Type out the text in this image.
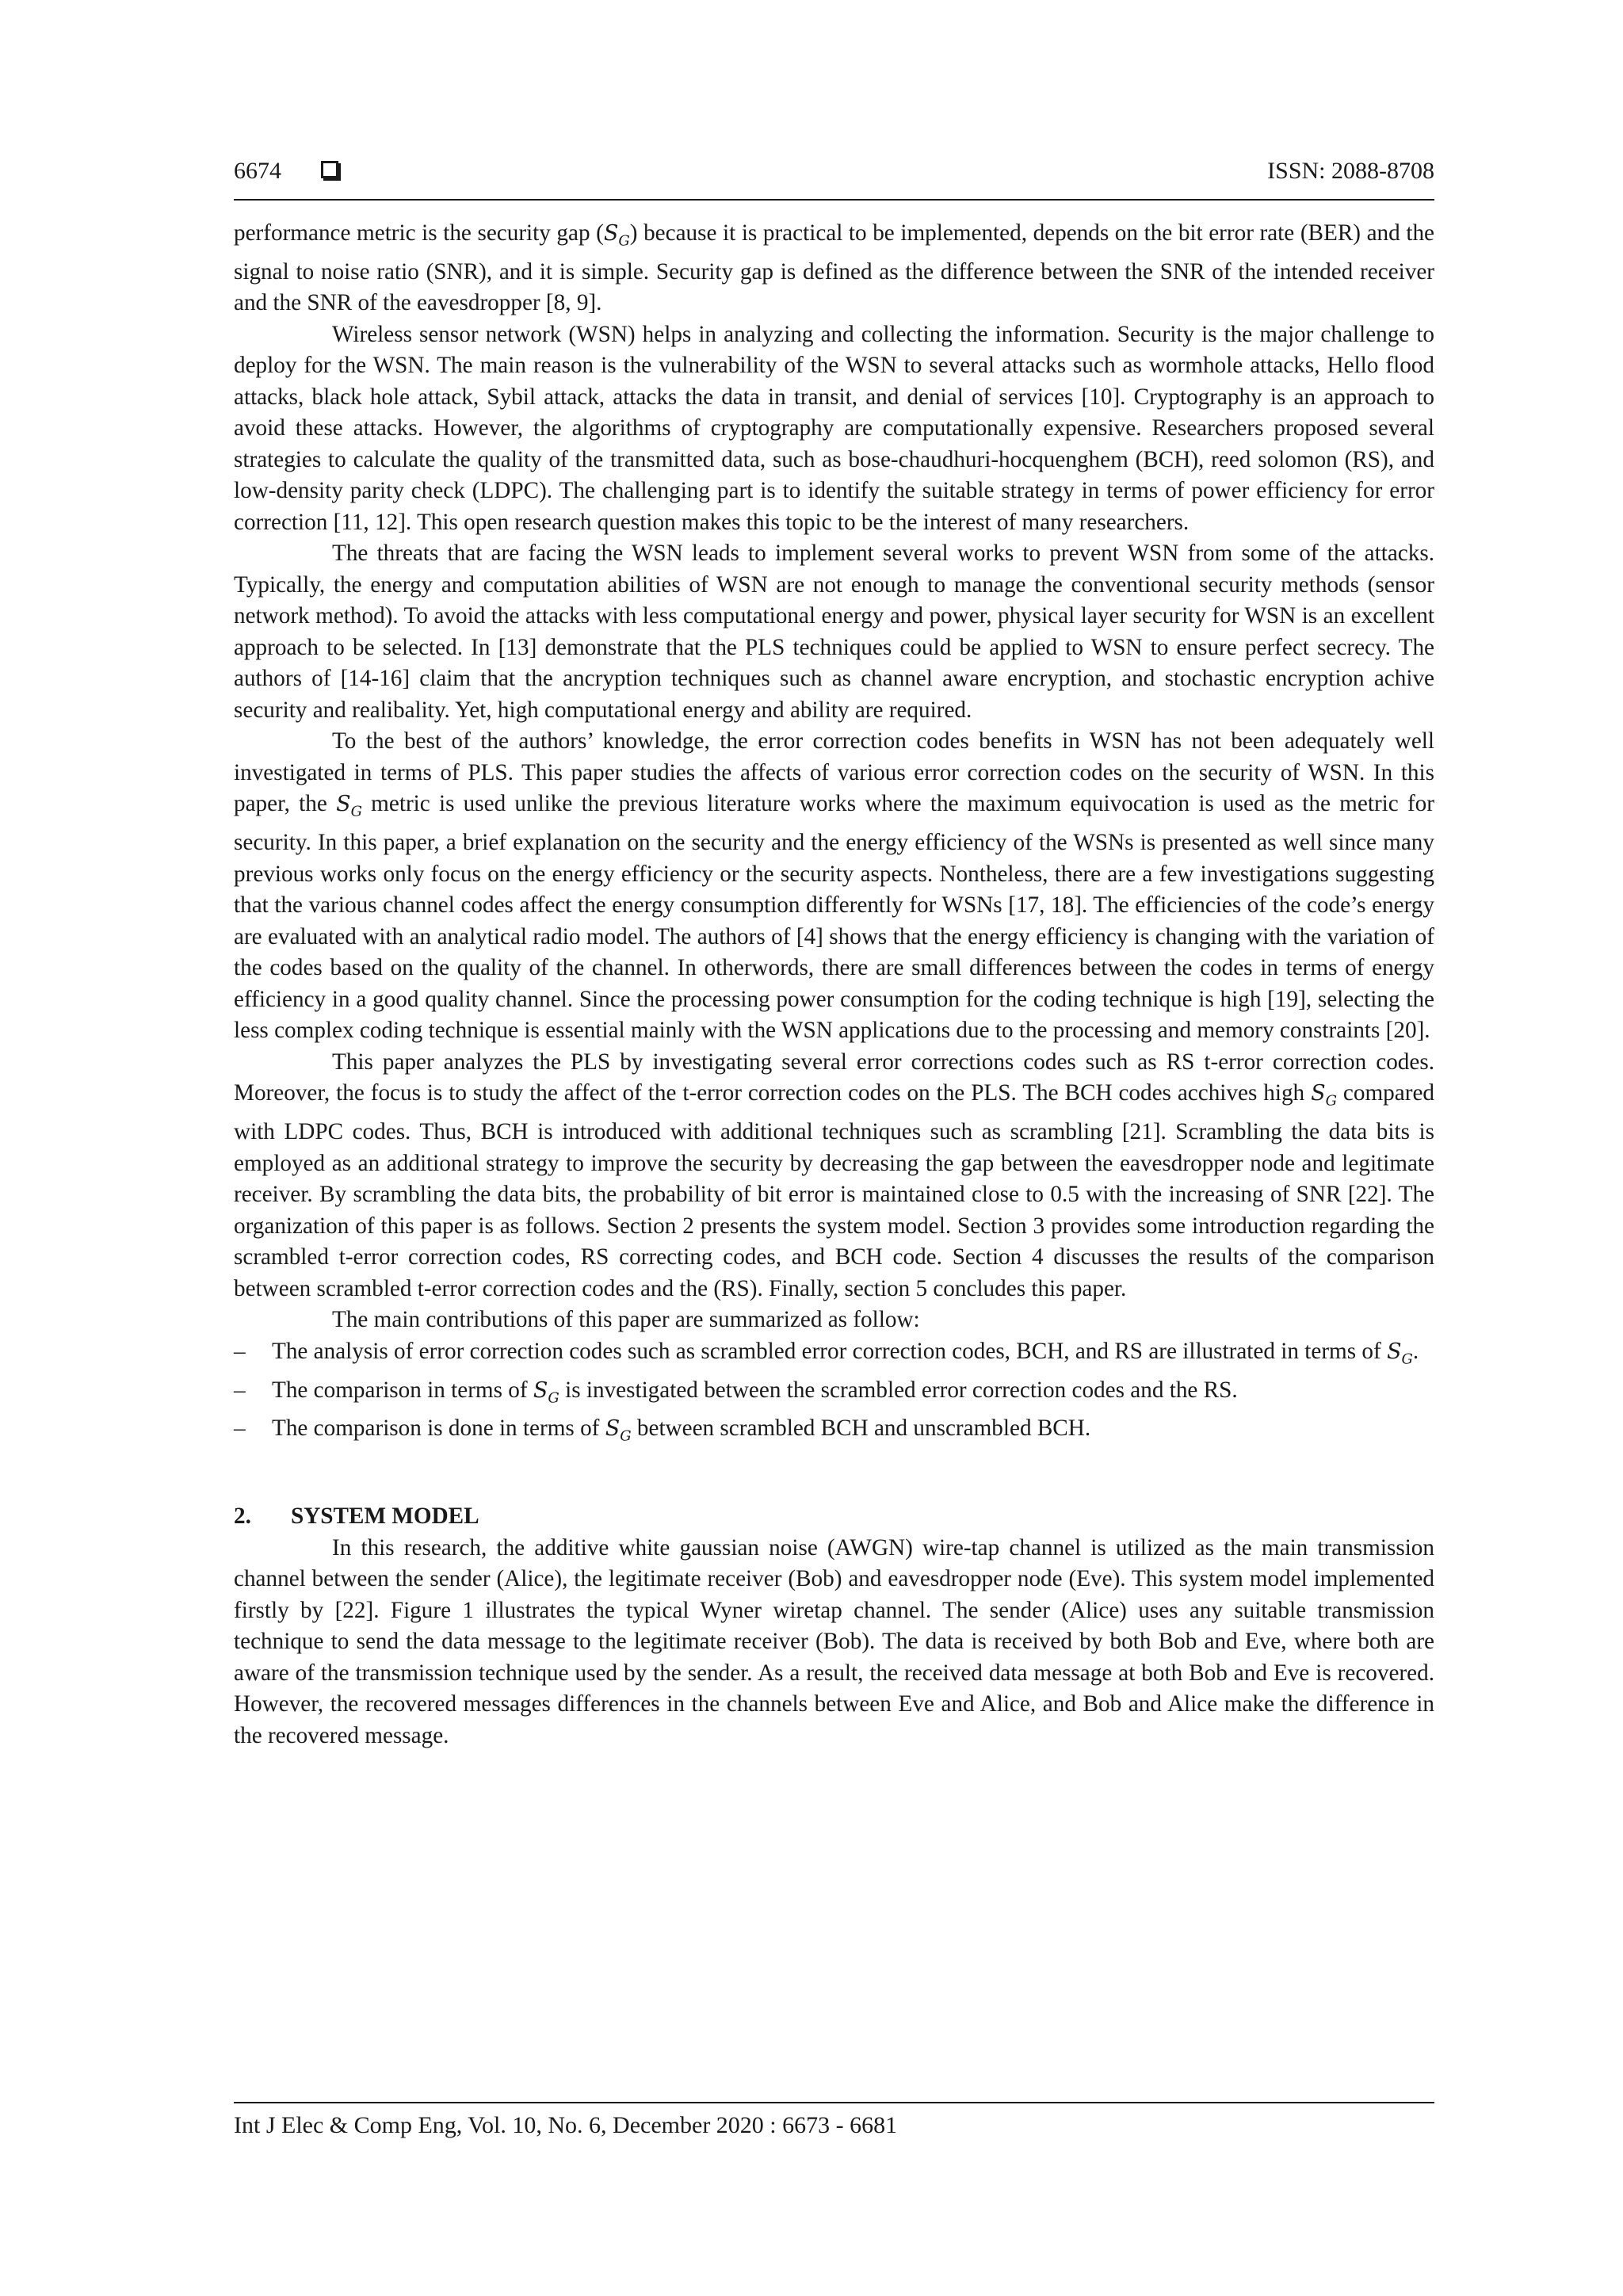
6674	ISSN: 2088-8708

performance metric is the security gap $(S_G)$ because it is practical to be implemented, depends on the bit error rate (BER) and the signal to noise ratio (SNR), and it is simple. Security gap is defined as the difference between the SNR of the intended receiver and the SNR of the eavesdropper [8, 9].

Wireless sensor network (WSN) helps in analyzing and collecting the information. Security is the major challenge to deploy for the WSN. The main reason is the vulnerability of the WSN to several attacks such as wormhole attacks, Hello flood attacks, black hole attack, Sybil attack, attacks the data in transit, and denial of services [10]. Cryptography is an approach to avoid these attacks. However, the algorithms of cryptography are computationally expensive. Researchers proposed several strategies to calculate the quality of the transmitted data, such as bose-chaudhuri-hocquenghem (BCH), reed solomon (RS), and low-density parity check (LDPC). The challenging part is to identify the suitable strategy in terms of power efficiency for error correction [11, 12]. This open research question makes this topic to be the interest of many researchers.

The threats that are facing the WSN leads to implement several works to prevent WSN from some of the attacks. Typically, the energy and computation abilities of WSN are not enough to manage the conventional security methods (sensor network method). To avoid the attacks with less computational energy and power, physical layer security for WSN is an excellent approach to be selected. In [13] demonstrate that the PLS techniques could be applied to WSN to ensure perfect secrecy. The authors of [14-16] claim that the ancryption techniques such as channel aware encryption, and stochastic encryption achive security and realibality. Yet, high computational energy and ability are required.

To the best of the authors’ knowledge, the error correction codes benefits in WSN has not been adequately well investigated in terms of PLS. This paper studies the affects of various error correction codes on the security of WSN. In this paper, the $S_G$ metric is used unlike the previous literature works where the maximum equivocation is used as the metric for security. In this paper, a brief explanation on the security and the energy efficiency of the WSNs is presented as well since many previous works only focus on the energy efficiency or the security aspects. Nontheless, there are a few investigations suggesting that the various channel codes affect the energy consumption differently for WSNs [17, 18]. The efficiencies of the code’s energy are evaluated with an analytical radio model. The authors of [4] shows that the energy efficiency is changing with the variation of the codes based on the quality of the channel. In otherwords, there are small differences between the codes in terms of energy efficiency in a good quality channel. Since the processing power consumption for the coding technique is high [19], selecting the less complex coding technique is essential mainly with the WSN applications due to the processing and memory constraints [20].

This paper analyzes the PLS by investigating several error corrections codes such as RS t-error correction codes. Moreover, the focus is to study the affect of the t-error correction codes on the PLS. The BCH codes acchives high $S_G$ compared with LDPC codes. Thus, BCH is introduced with additional techniques such as scrambling [21]. Scrambling the data bits is employed as an additional strategy to improve the security by decreasing the gap between the eavesdropper node and legitimate receiver. By scrambling the data bits, the probability of bit error is maintained close to 0.5 with the increasing of SNR [22]. The organization of this paper is as follows. Section 2 presents the system model. Section 3 provides some introduction regarding the scrambled t-error correction codes, RS correcting codes, and BCH code. Section 4 discusses the results of the comparison between scrambled t-error correction codes and the (RS). Finally, section 5 concludes this paper.

The main contributions of this paper are summarized as follow:

– The analysis of error correction codes such as scrambled error correction codes, BCH, and RS are illustrated in terms of $S_G$.
– The comparison in terms of $S_G$ is investigated between the scrambled error correction codes and the RS.
– The comparison is done in terms of $S_G$ between scrambled BCH and unscrambled BCH.

2. SYSTEM MODEL

In this research, the additive white gaussian noise (AWGN) wire-tap channel is utilized as the main transmission channel between the sender (Alice), the legitimate receiver (Bob) and eavesdropper node (Eve). This system model implemented firstly by [22]. Figure 1 illustrates the typical Wyner wiretap channel. The sender (Alice) uses any suitable transmission technique to send the data message to the legitimate receiver (Bob). The data is received by both Bob and Eve, where both are aware of the transmission technique used by the sender. As a result, the received data message at both Bob and Eve is recovered. However, the recovered messages differences in the channels between Eve and Alice, and Bob and Alice make the difference in the recovered message.

Int J Elec & Comp Eng, Vol. 10, No. 6, December 2020 : 6673 - 6681
